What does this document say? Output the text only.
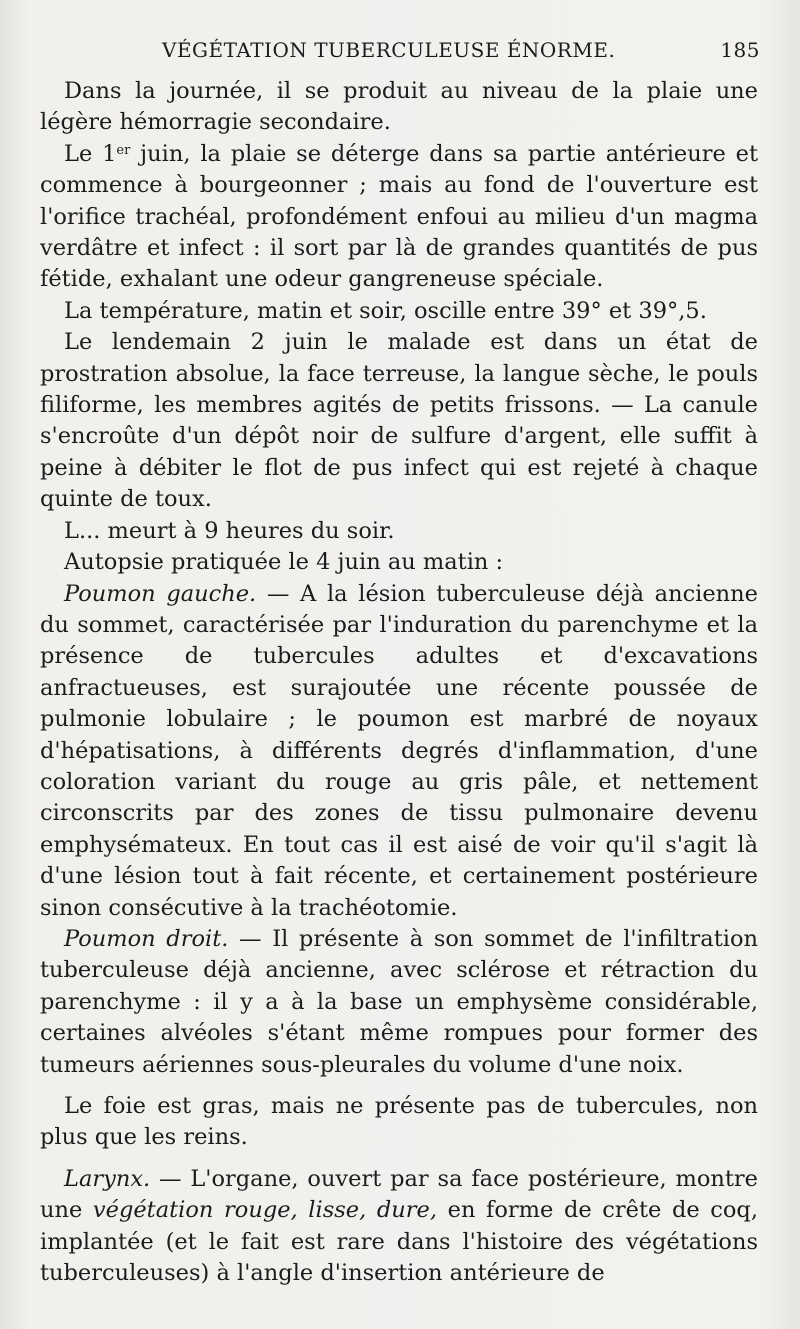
VÉGÉTATION TUBERCULEUSE ÉNORME.	185

Dans la journée, il se produit au niveau de la plaie une légère hémorragie secondaire.

Le 1er juin, la plaie se déterge dans sa partie antérieure et commence à bourgeonner ; mais au fond de l'ouverture est l'orifice trachéal, profondément enfoui au milieu d'un magma verdâtre et infect : il sort par là de grandes quantités de pus fétide, exhalant une odeur gangreneuse spéciale.

La température, matin et soir, oscille entre 39° et 39°,5.

Le lendemain 2 juin le malade est dans un état de prostration absolue, la face terreuse, la langue sèche, le pouls filiforme, les membres agités de petits frissons. — La canule s'encroûte d'un dépôt noir de sulfure d'argent, elle suffit à peine à débiter le flot de pus infect qui est rejeté à chaque quinte de toux.

L... meurt à 9 heures du soir.

Autopsie pratiquée le 4 juin au matin :

Poumon gauche. — A la lésion tuberculeuse déjà ancienne du sommet, caractérisée par l'induration du parenchyme et la présence de tubercules adultes et d'excavations anfractueuses, est surajoutée une récente poussée de pulmonie lobulaire ; le poumon est marbré de noyaux d'hépatisations, à différents degrés d'inflammation, d'une coloration variant du rouge au gris pâle, et nettement circonscrits par des zones de tissu pulmonaire devenu emphysémateux. En tout cas il est aisé de voir qu'il s'agit là d'une lésion tout à fait récente, et certainement postérieure sinon consécutive à la trachéotomie.

Poumon droit. — Il présente à son sommet de l'infiltration tuberculeuse déjà ancienne, avec sclérose et rétraction du parenchyme : il y a à la base un emphysème considérable, certaines alvéoles s'étant même rompues pour former des tumeurs aériennes sous-pleurales du volume d'une noix.

Le foie est gras, mais ne présente pas de tubercules, non plus que les reins.

Larynx. — L'organe, ouvert par sa face postérieure, montre une végétation rouge, lisse, dure, en forme de crête de coq, implantée (et le fait est rare dans l'histoire des végétations tuberculeuses) à l'angle d'insertion antérieure de
